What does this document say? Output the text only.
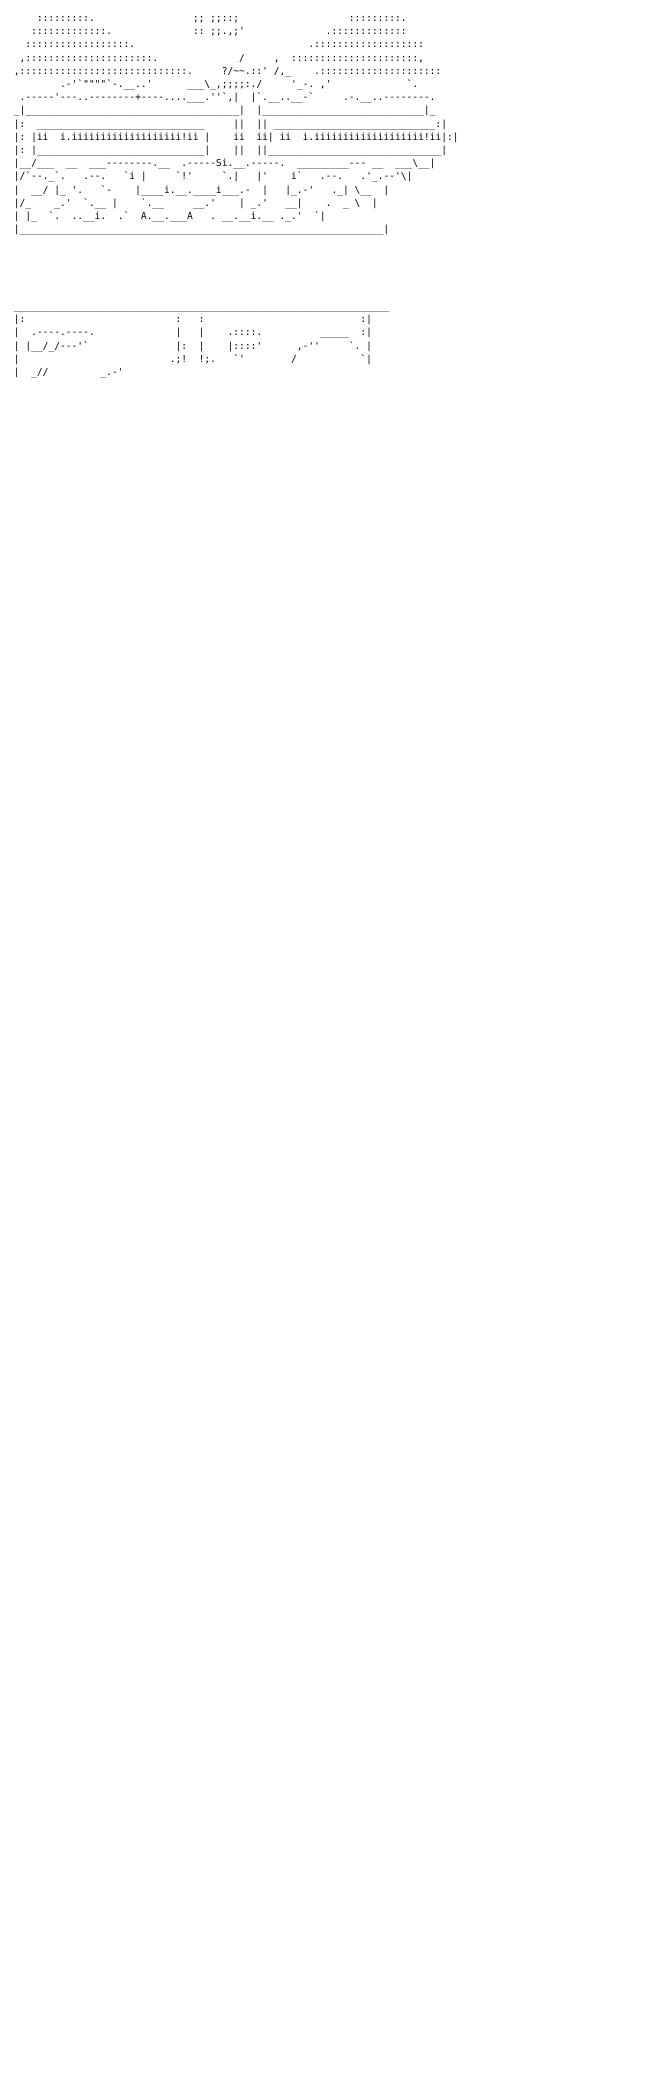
:::::::::.                 ;; ;;::;                   :::::::::.
:::::::::::::.              :: ;;.,;'              .:::::::::::::
::::::::::::::::::.                              .:::::::::::::::::::
,::::::::::::::::::::::.              /     ,  ::::::::::::::::::::::,
,:::::::::::::::::::::::::::::.     ?/~~.::' /,_    .:::::::::::::::::::::
.-'`""""`-.__..'      ___\_,;;;;:./     '_-. ,'             `.
.-----'---..--------+----....___.''`,|  |`.__..__-`     .-.__..--------.
_|_____________________________________|  |____________________________|_
|:  _____________________________     ||  || ____________________________:|
|: |ii  i.iiiiiiiiiiiiiiiiiii!ii |    ii  ii| ii  i.iiiiiiiiiiiiiiiiiii!ii|:|
|: |_____________________________|    ||  ||______________________________|
|__/___  __  ___--------.__  .-----Si.__.-----.  _________--- __  ___\__|
|/`--._`.   .--.   `i |     `!'     `.|   |'    i`   .--.   .'_.--'\|
|  __/ |_ '.   `-    |____i.__.____i___.-  |   |_.-'   ._| \__  |
|/_    _.'  `.__ |    `.__     __.'    | _.'   __|    .  _ \  |
| |_  `.  ..__i.  .`  A.__.___A   . __.__i.__ ._.'  `|
|_______________________________________________________________|

_________________________________________________________________
|:                          :   :                           :|
|  .----.----.              |   |    .::::.          _____  :|
| |__/_/---'`               |:  |    |::::'      ,-''     `. |
|                          .;!  !;.   `'        /           `|
|  _//         _.-'
